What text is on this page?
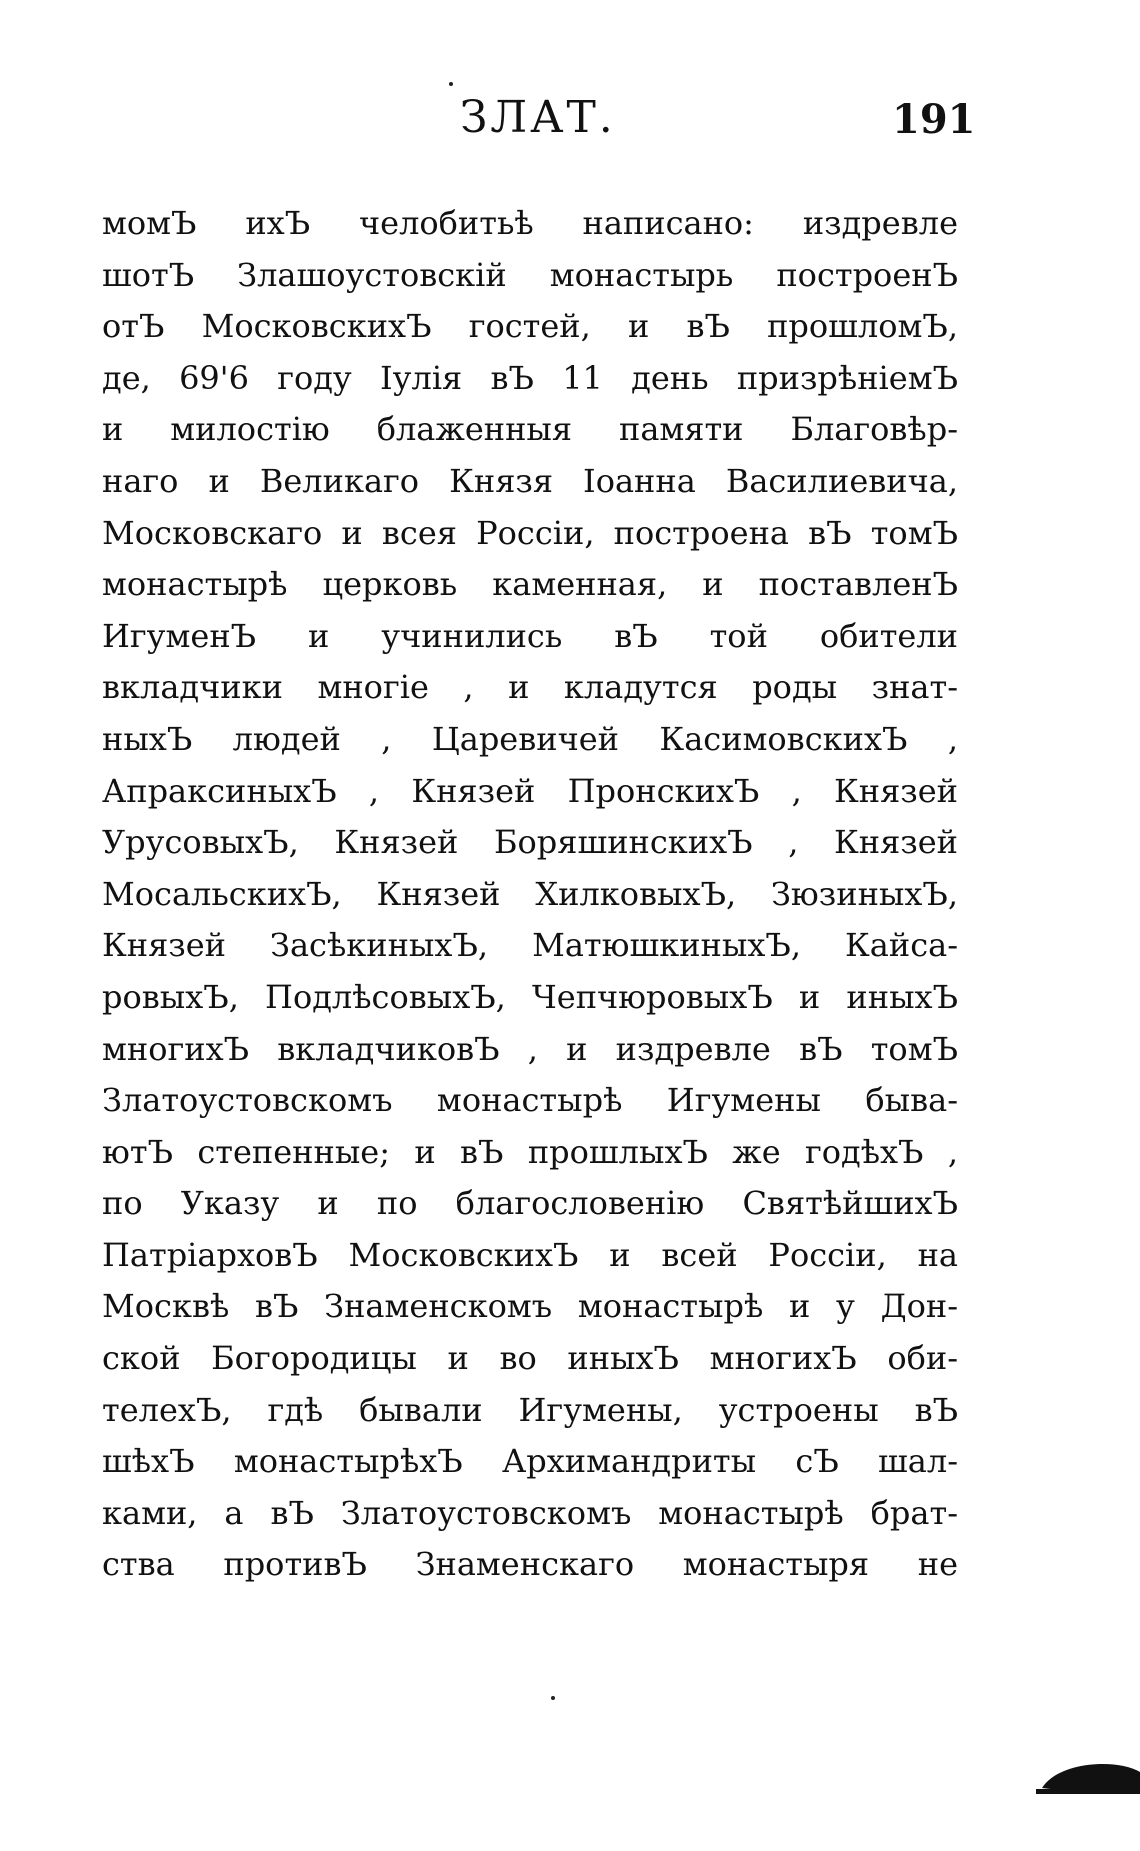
ЗЛАТ.	191
момЪ ихЪ челобитьѣ написано: издревле
шотЪ Злашоустовскій монастырь построенЪ
отЪ МосковскихЪ гостей, и вЪ прошломЪ,
де, 69'6 году Іулія вЪ 11 день призрѣніемЪ
и милостію блаженныя памяти Благовѣр-
наго и Великаго Князя Іоанна Василиевича,
Московскаго и всея Россіи, построена вЪ томЪ
монастырѣ церковь каменная, и поставленЪ
ИгуменЪ и учинились вЪ той обители
вкладчики многіе , и кладутся роды знат-
ныхЪ людей , Царевичей КасимовскихЪ ,
АпраксиныхЪ , Князей ПронскихЪ , Князей
УрусовыхЪ, Князей БоряшинскихЪ , Князей
МосальскихЪ, Князей ХилковыхЪ, ЗюзиныхЪ,
Князей ЗасѣкиныхЪ, МатюшкиныхЪ, Кайса-
ровыхЪ, ПодлѣсовыхЪ, ЧепчюровыхЪ и иныхЪ
многихЪ вкладчиковЪ , и издревле вЪ томЪ
Златоустовскомъ монастырѣ Игумены быва-
ютЪ степенные; и вЪ прошлыхЪ же годѣхЪ ,
по Указу и по благословенію СвятѣйшихЪ
ПатріарховЪ МосковскихЪ и всей Россіи, на
Москвѣ вЪ Знаменскомъ монастырѣ и у Дон-
ской Богородицы и во иныхЪ многихЪ оби-
телехЪ, гдѣ бывали Игумены, устроены вЪ
шѣхЪ монастырѣхЪ Архимандриты сЪ шал-
ками, а вЪ Златоустовскомъ монастырѣ брат-
ства противЪ Знаменскаго монастыря не
